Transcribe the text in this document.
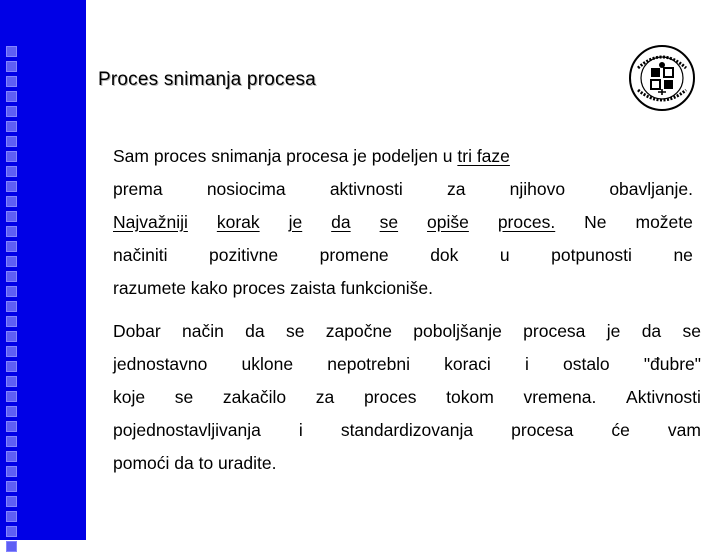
Proces snimanja procesa
Sam proces snimanja procesa je podeljen u tri faze
prema	nosiocima	aktivnosti	za	njihovo	obavljanje.
Najvažniji korak je da se opiše proces. Ne možete
načiniti pozitivne promene dok u potpunosti ne
razumete kako proces zaista funkcioniše.
Dobar način da se započne poboljšanje procesa je da se
jednostavno uklone nepotrebni koraci i ostalo "đubre"
koje se zakačilo za proces tokom vremena. Aktivnosti
pojednostavljivanja i standardizovanja procesa će vam
pomoći da to uradite.
